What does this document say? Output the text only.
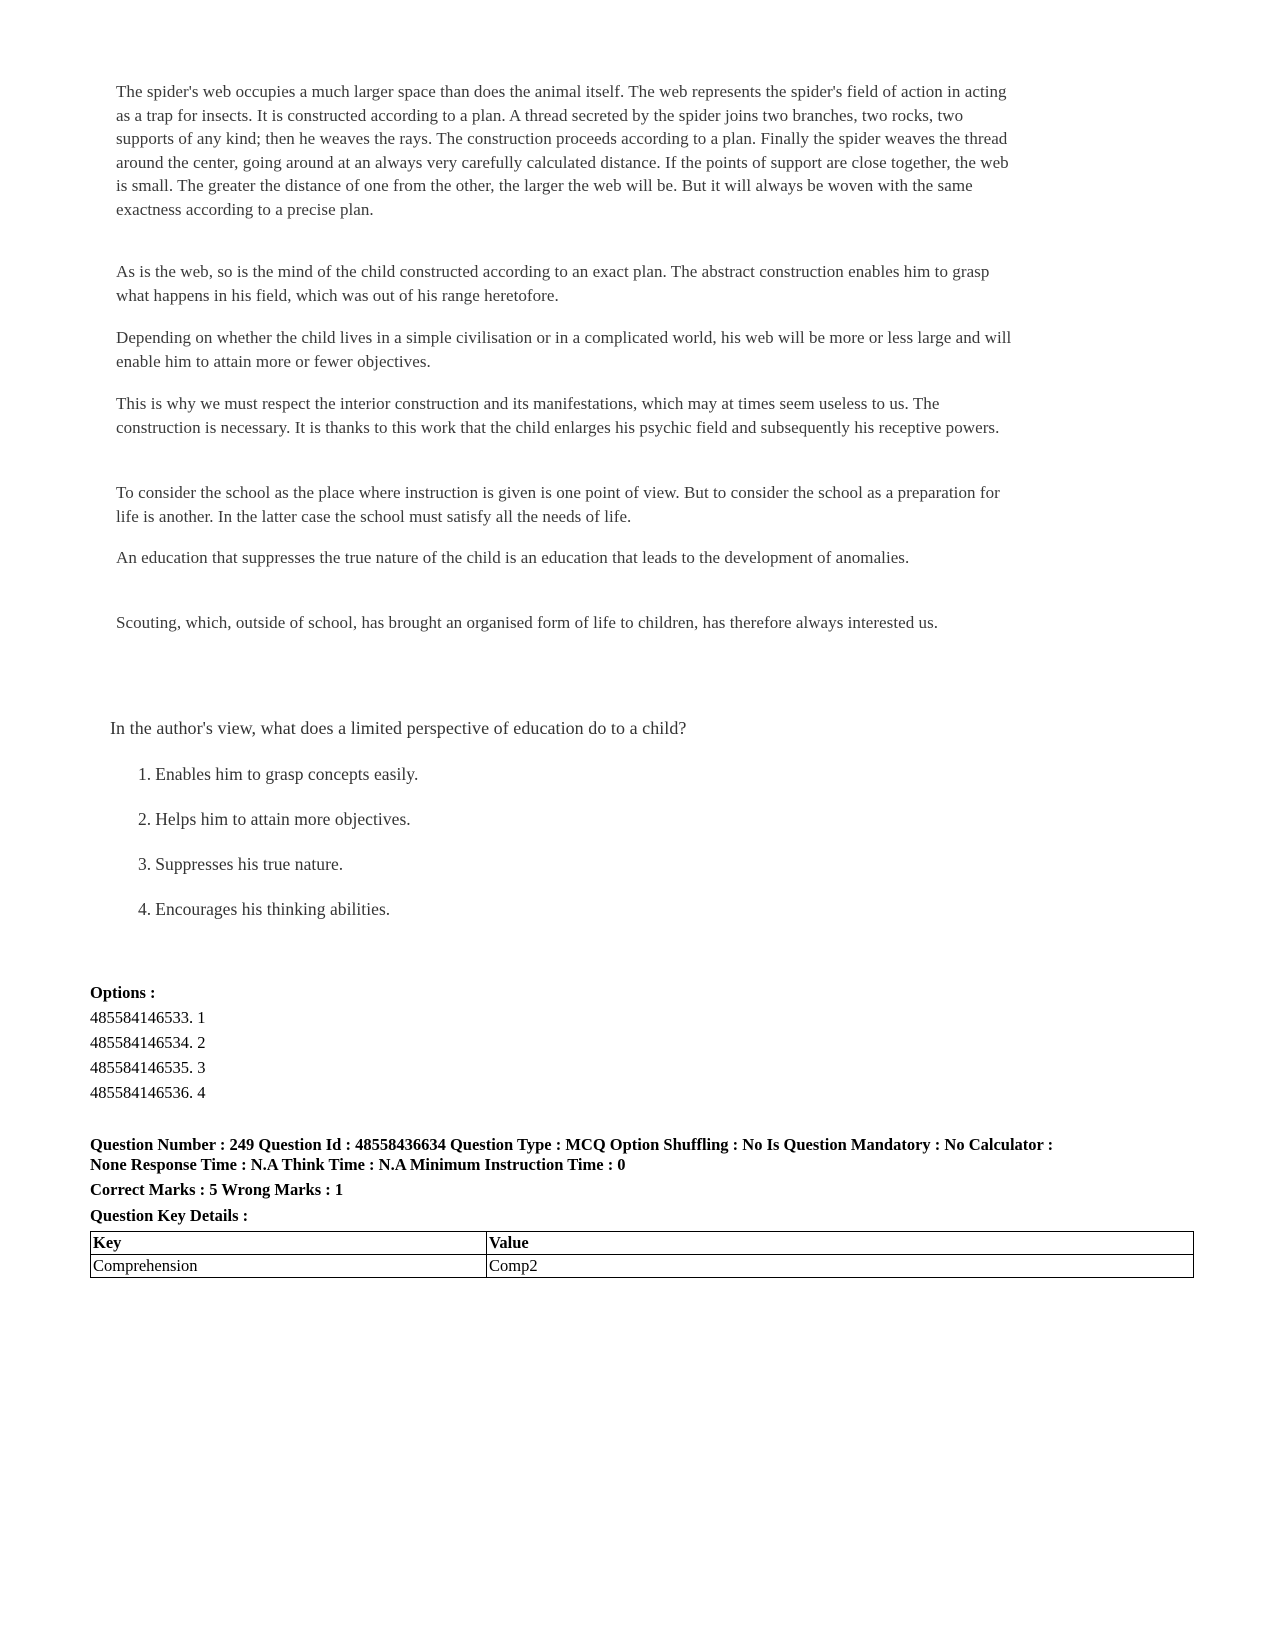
The spider's web occupies a much larger space than does the animal itself. The web represents the spider's field of action in acting as a trap for insects. It is constructed according to a plan. A thread secreted by the spider joins two branches, two rocks, two supports of any kind; then he weaves the rays. The construction proceeds according to a plan. Finally the spider weaves the thread around the center, going around at an always very carefully calculated distance. If the points of support are close together, the web is small. The greater the distance of one from the other, the larger the web will be. But it will always be woven with the same exactness according to a precise plan.

As is the web, so is the mind of the child constructed according to an exact plan. The abstract construction enables him to grasp what happens in his field, which was out of his range heretofore.

Depending on whether the child lives in a simple civilisation or in a complicated world, his web will be more or less large and will enable him to attain more or fewer objectives.

This is why we must respect the interior construction and its manifestations, which may at times seem useless to us. The construction is necessary. It is thanks to this work that the child enlarges his psychic field and subsequently his receptive powers.

To consider the school as the place where instruction is given is one point of view. But to consider the school as a preparation for life is another. In the latter case the school must satisfy all the needs of life.

An education that suppresses the true nature of the child is an education that leads to the development of anomalies.

Scouting, which, outside of school, has brought an organised form of life to children, has therefore always interested us.

In the author's view, what does a limited perspective of education do to a child?

1. Enables him to grasp concepts easily.

2. Helps him to attain more objectives.

3. Suppresses his true nature.

4. Encourages his thinking abilities.

Options :
485584146533. 1
485584146534. 2
485584146535. 3
485584146536. 4
Question Number : 249 Question Id : 48558436634 Question Type : MCQ Option Shuffling : No Is Question Mandatory : No Calculator :
None Response Time : N.A Think Time : N.A Minimum Instruction Time : 0
Correct Marks : 5 Wrong Marks : 1
Question Key Details :
Key	Value
Comprehension	Comp2
